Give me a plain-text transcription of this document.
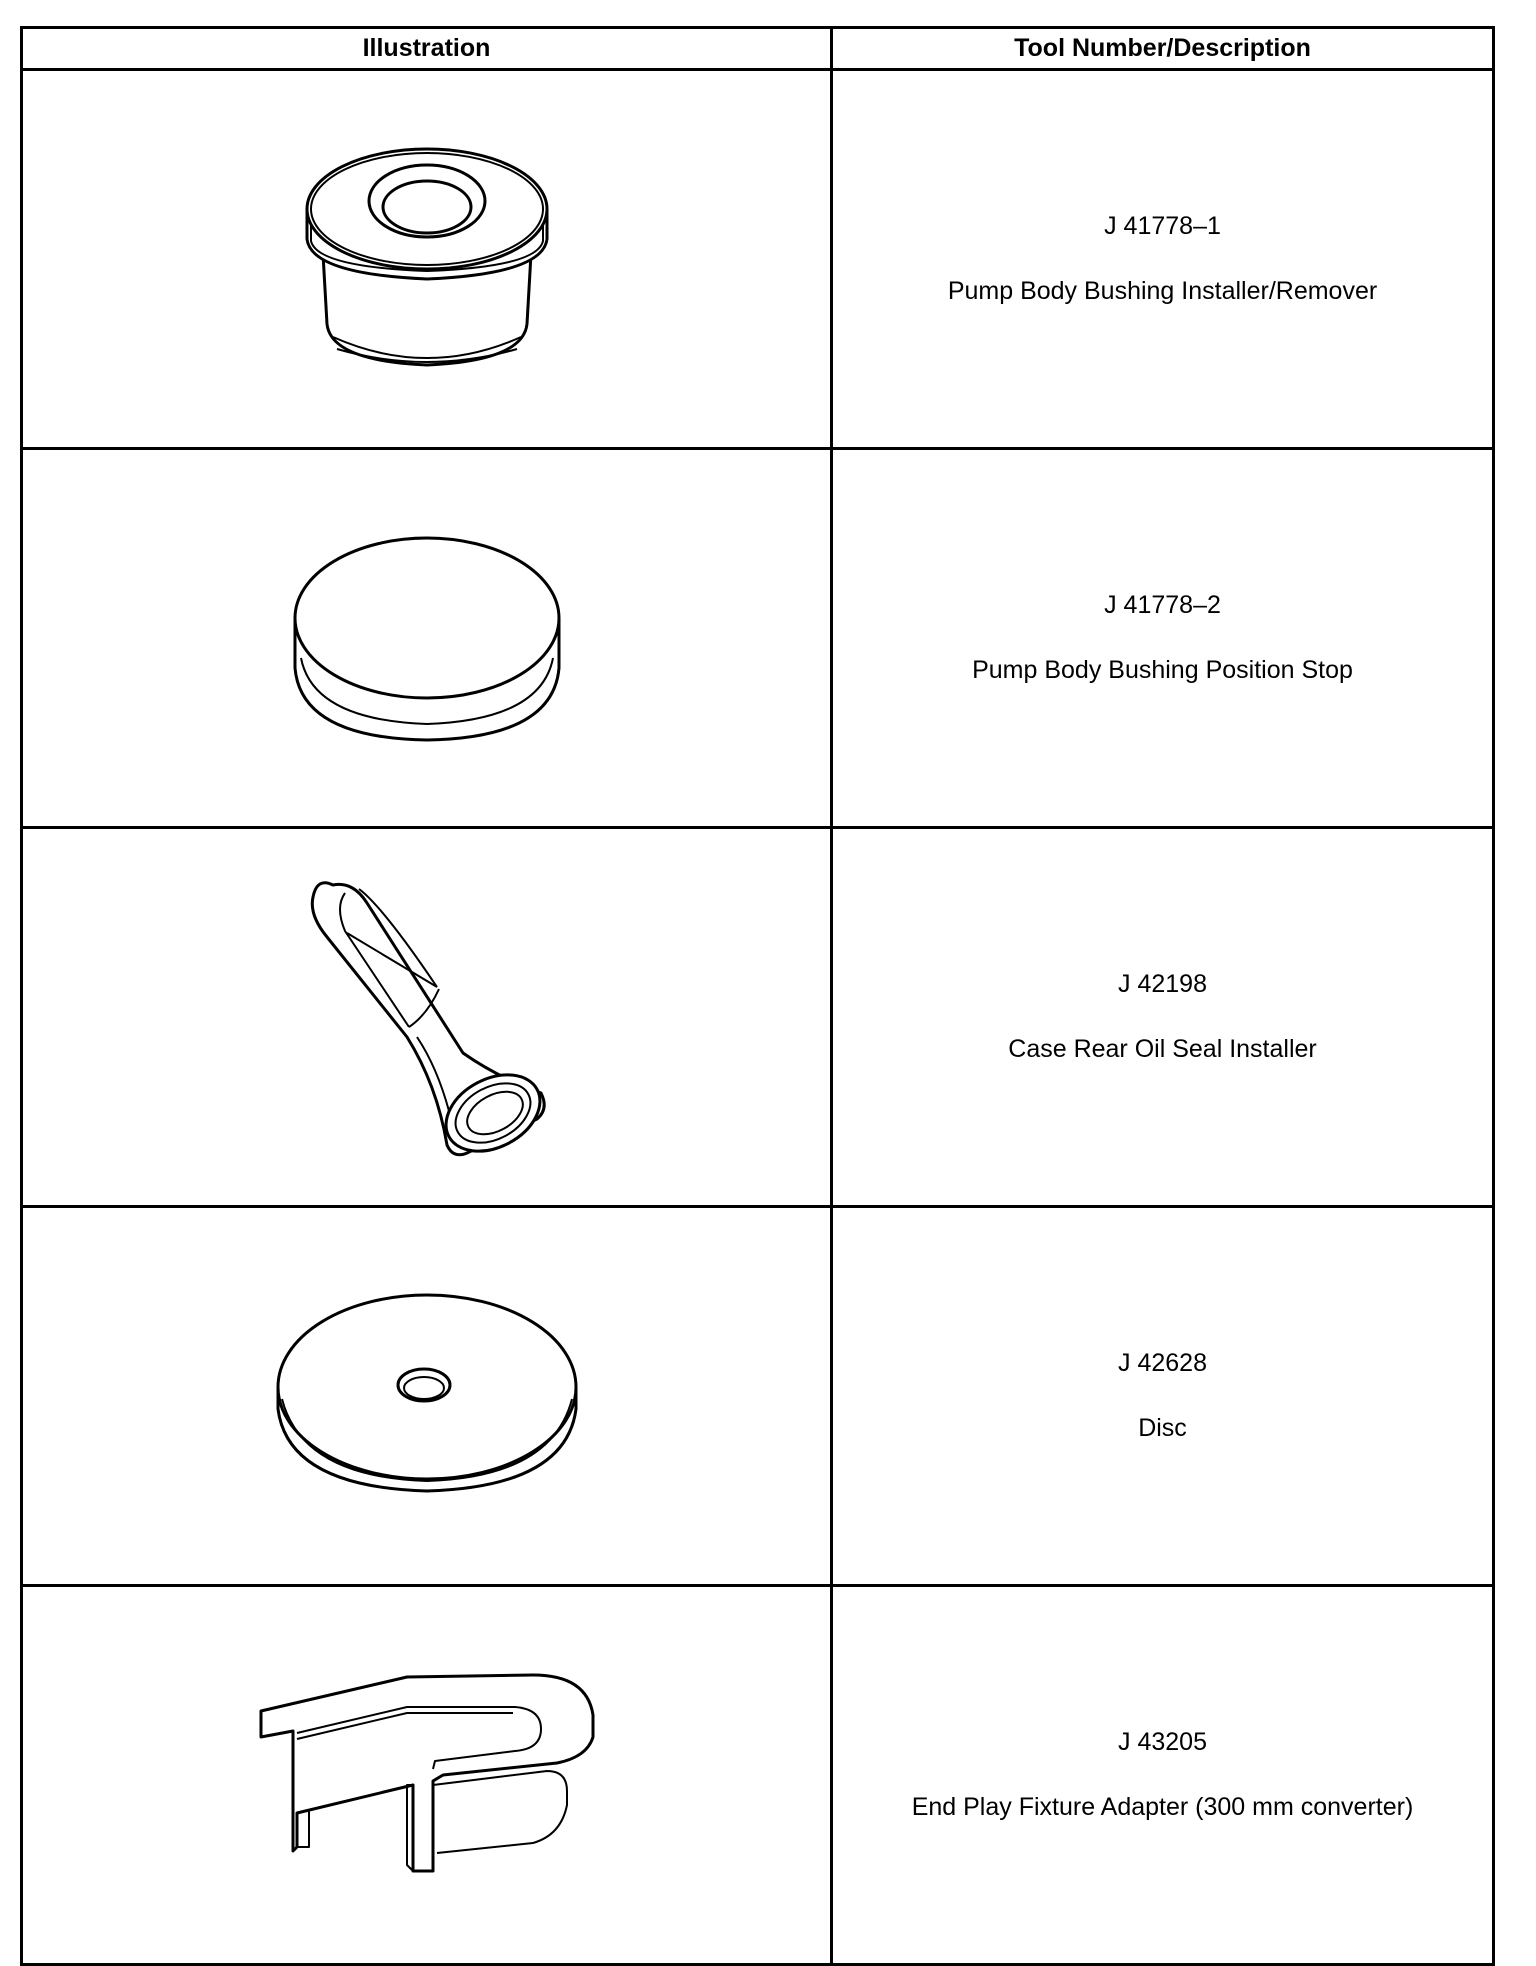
Illustration	Tool Number/Description

J 41778–1
Pump Body Bushing Installer/Remover

J 41778–2
Pump Body Bushing Position Stop

J 42198
Case Rear Oil Seal Installer

J 42628
Disc

J 43205
End Play Fixture Adapter (300 mm converter)
